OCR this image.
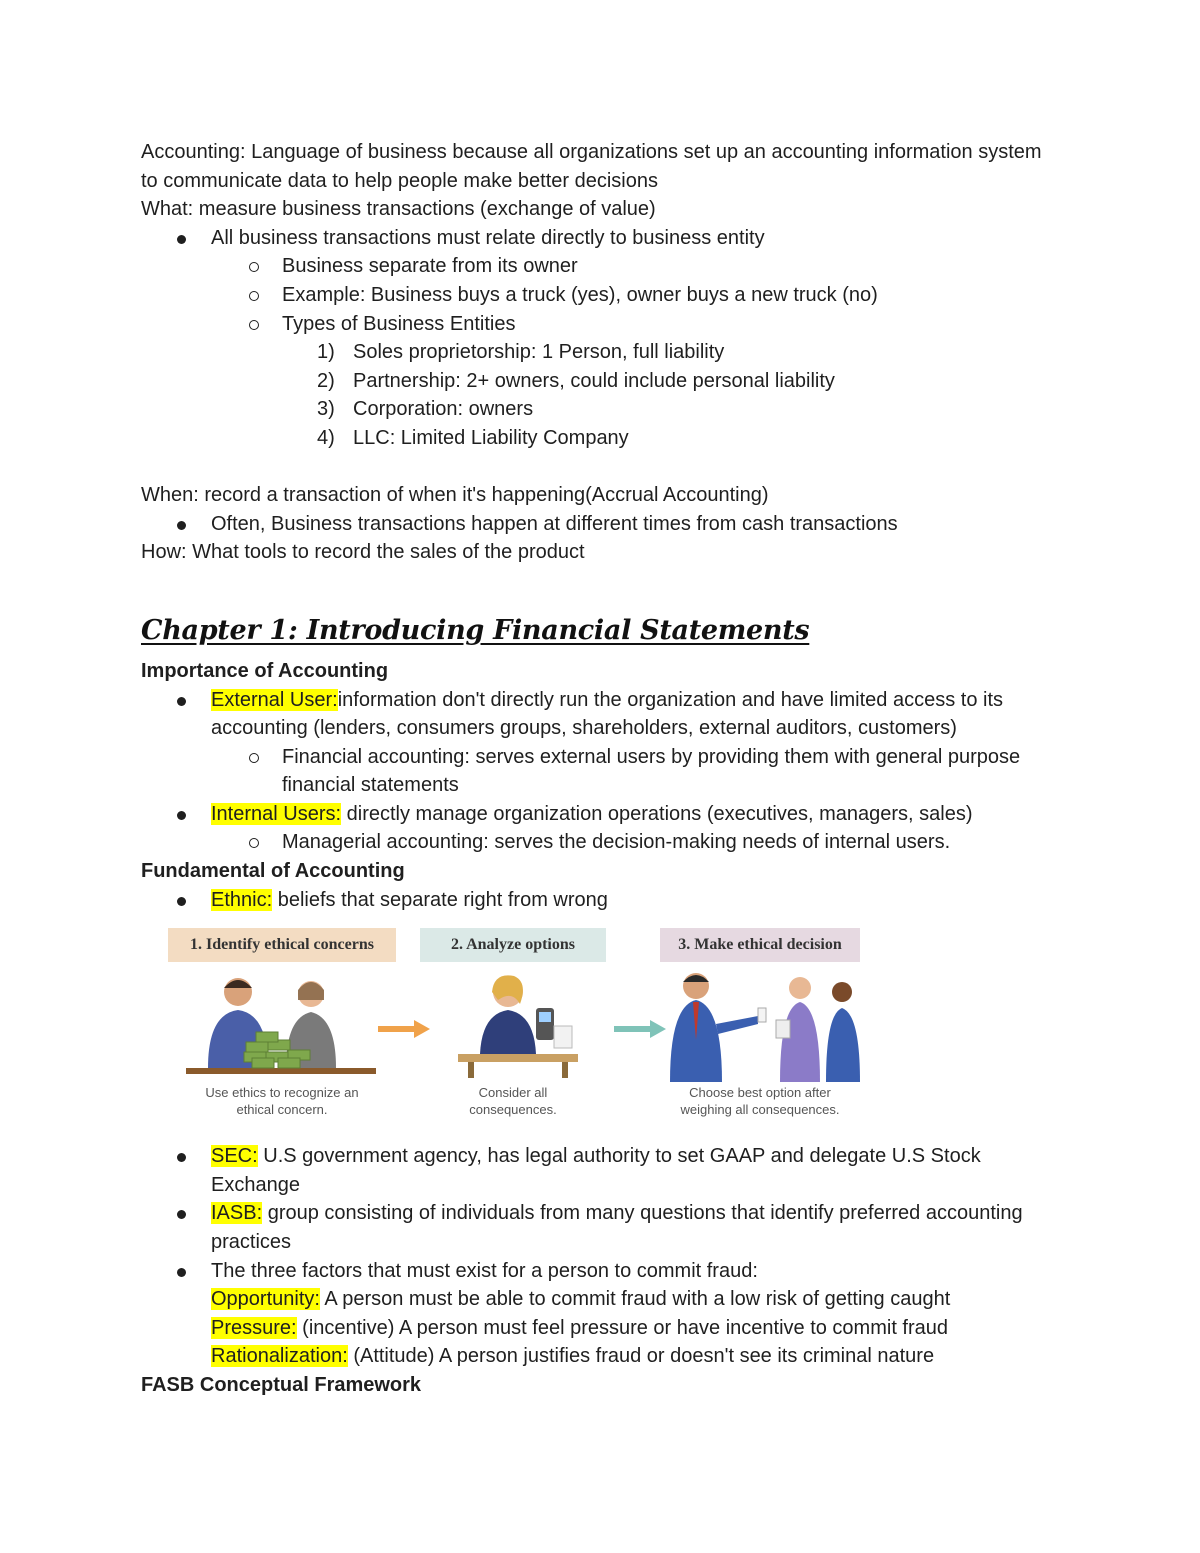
Accounting: Language of business because all organizations set up an accounting information system to communicate data to help people make better decisions

What: measure business transactions (exchange of value)

All business transactions must relate directly to business entity
Business separate from its owner
Example: Business buys a truck (yes), owner buys a new truck (no)
Types of Business Entities
1) Soles proprietorship: 1 Person, full liability
2) Partnership: 2+ owners, could include personal liability
3) Corporation: owners
4) LLC: Limited Liability Company

When: record a transaction of when it's happening(Accrual Accounting)

Often, Business transactions happen at different times from cash transactions

How: What tools to record the sales of the product

Chapter 1: Introducing Financial Statements

Importance of Accounting

External User:information don't directly run the organization and have limited access to its accounting (lenders, consumers groups, shareholders, external auditors, customers)
Financial accounting: serves external users by providing them with general purpose financial statements
Internal Users: directly manage organization operations (executives, managers, sales)
Managerial accounting: serves the decision-making needs of internal users.

Fundamental of Accounting

Ethnic: beliefs that separate right from wrong
1. Identify ethical concerns	2. Analyze options	3. Make ethical decision
Use ethics to recognize an
ethical concern.
Consider all
consequences.
Choose best option after
weighing all consequences.
SEC: U.S government agency, has legal authority to set GAAP and delegate U.S Stock Exchange
IASB: group consisting of individuals from many questions that identify preferred accounting practices
The three factors that must exist for a person to commit fraud:
Opportunity: A person must be able to commit fraud with a low risk of getting caught
Pressure: (incentive) A person must feel pressure or have incentive to commit fraud
Rationalization: (Attitude) A person justifies fraud or doesn't see its criminal nature

FASB Conceptual Framework
